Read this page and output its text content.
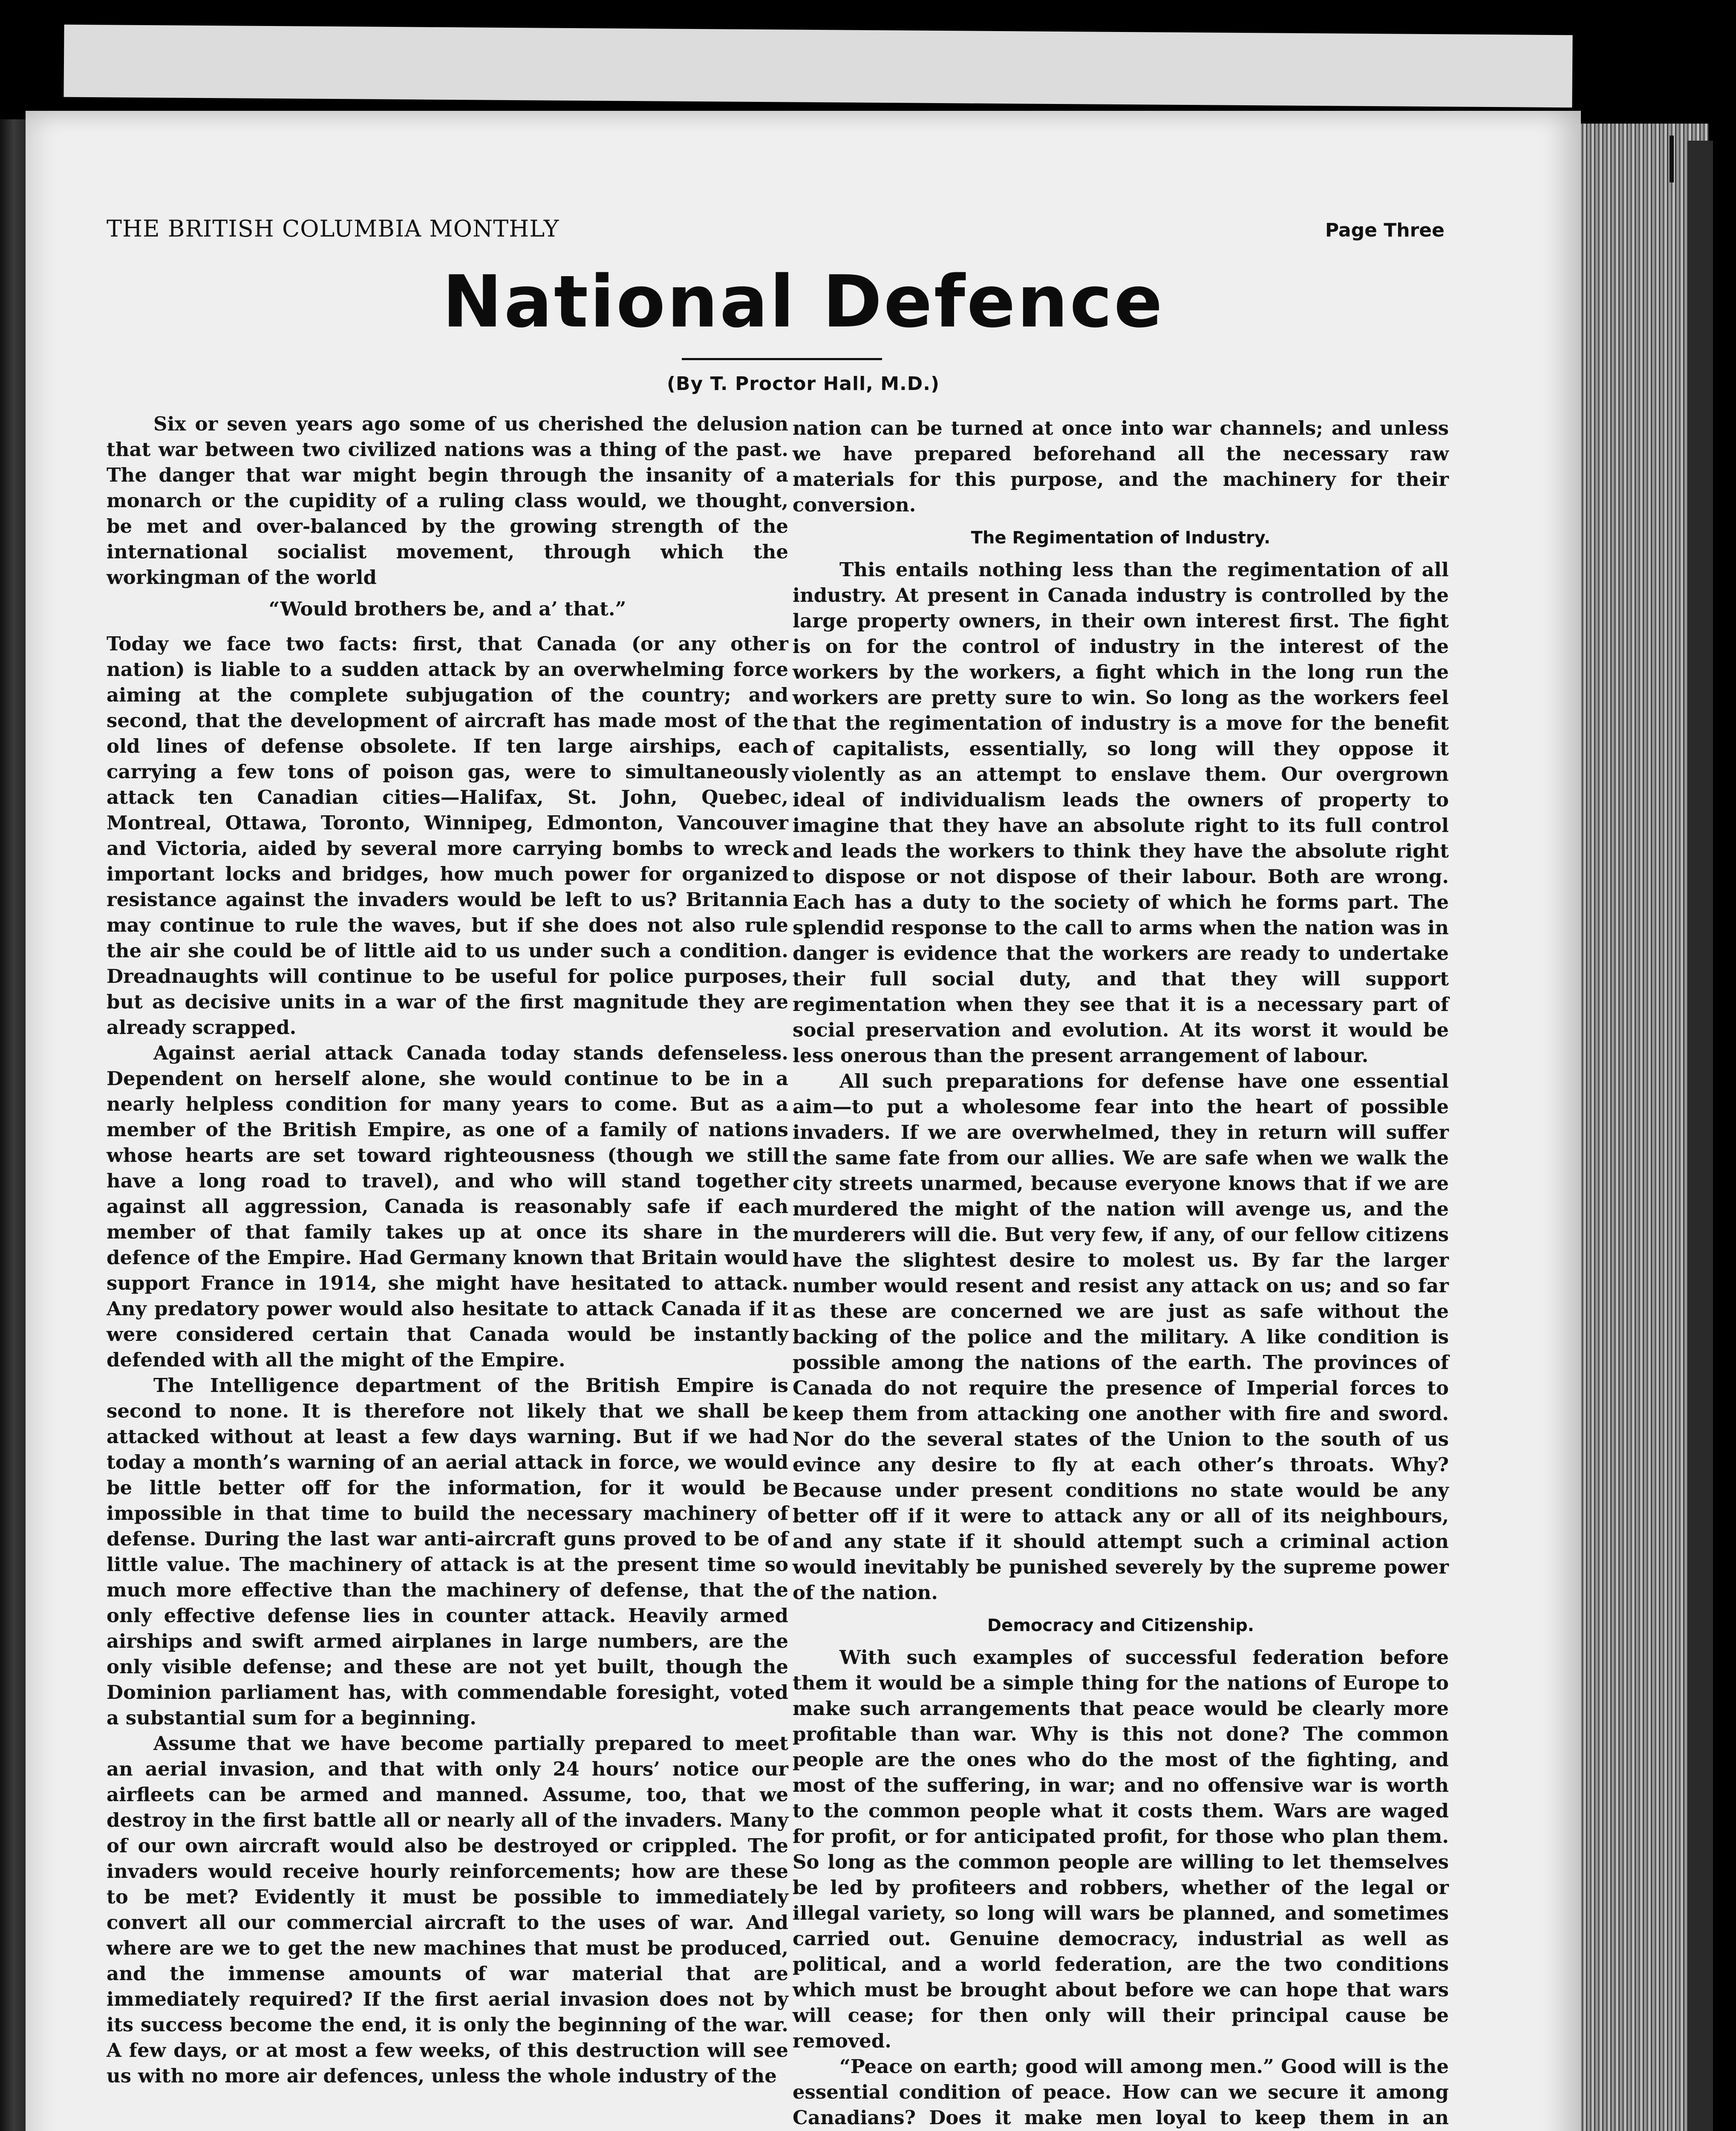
THE BRITISH COLUMBIA MONTHLY	Page Three
National Defence
(By T. Proctor Hall, M.D.)

Six or seven years ago some of us cherished the delusion that war between two civilized nations was a thing of the past. The danger that war might begin through the insanity of a monarch or the cupidity of a ruling class would, we thought, be met and over-balanced by the growing strength of the international socialist movement, through which the workingman of the world

“Would brothers be, and a’ that.”

Today we face two facts: first, that Canada (or any other nation) is liable to a sudden attack by an overwhelming force aiming at the complete subjugation of the country; and second, that the development of aircraft has made most of the old lines of defense obsolete. If ten large airships, each carrying a few tons of poison gas, were to simultaneously attack ten Canadian cities—Halifax, St. John, Quebec, Montreal, Ottawa, Toronto, Winnipeg, Edmonton, Vancouver and Victoria, aided by several more carrying bombs to wreck important locks and bridges, how much power for organized resistance against the invaders would be left to us? Britannia may continue to rule the waves, but if she does not also rule the air she could be of little aid to us under such a condition. Dreadnaughts will continue to be useful for police purposes, but as decisive units in a war of the first magnitude they are already scrapped.

Against aerial attack Canada today stands defenseless. Dependent on herself alone, she would continue to be in a nearly helpless condition for many years to come. But as a member of the British Empire, as one of a family of nations whose hearts are set toward righteousness (though we still have a long road to travel), and who will stand together against all aggression, Canada is reasonably safe if each member of that family takes up at once its share in the defence of the Empire. Had Germany known that Britain would support France in 1914, she might have hesitated to attack. Any predatory power would also hesitate to attack Canada if it were considered certain that Canada would be instantly defended with all the might of the Empire.

The Intelligence department of the British Empire is second to none. It is therefore not likely that we shall be attacked without at least a few days warning. But if we had today a month’s warning of an aerial attack in force, we would be little better off for the information, for it would be impossible in that time to build the necessary machinery of defense. During the last war anti-aircraft guns proved to be of little value. The machinery of attack is at the present time so much more effective than the machinery of defense, that the only effective defense lies in counter attack. Heavily armed airships and swift armed airplanes in large numbers, are the only visible defense; and these are not yet built, though the Dominion parliament has, with commendable foresight, voted a substantial sum for a beginning.

Assume that we have become partially prepared to meet an aerial invasion, and that with only 24 hours’ notice our airfleets can be armed and manned. Assume, too, that we destroy in the first battle all or nearly all of the invaders. Many of our own aircraft would also be destroyed or crippled. The invaders would receive hourly reinforcements; how are these to be met? Evidently it must be possible to immediately convert all our commercial aircraft to the uses of war. And where are we to get the new machines that must be produced, and the immense amounts of war material that are immediately required? If the first aerial invasion does not by its success become the end, it is only the beginning of the war. A few days, or at most a few weeks, of this destruction will see us with no more air defences, unless the whole industry of the

nation can be turned at once into war channels; and unless we have prepared beforehand all the necessary raw materials for this purpose, and the machinery for their conversion.

The Regimentation of Industry.

This entails nothing less than the regimentation of all industry. At present in Canada industry is controlled by the large property owners, in their own interest first. The fight is on for the control of industry in the interest of the workers by the workers, a fight which in the long run the workers are pretty sure to win. So long as the workers feel that the regimentation of industry is a move for the benefit of capitalists, essentially, so long will they oppose it violently as an attempt to enslave them. Our overgrown ideal of individualism leads the owners of property to imagine that they have an absolute right to its full control and leads the workers to think they have the absolute right to dispose or not dispose of their labour. Both are wrong. Each has a duty to the society of which he forms part. The splendid response to the call to arms when the nation was in danger is evidence that the workers are ready to undertake their full social duty, and that they will support regimentation when they see that it is a necessary part of social preservation and evolution. At its worst it would be less onerous than the present arrangement of labour.

All such preparations for defense have one essential aim—to put a wholesome fear into the heart of possible invaders. If we are overwhelmed, they in return will suffer the same fate from our allies. We are safe when we walk the city streets unarmed, because everyone knows that if we are murdered the might of the nation will avenge us, and the murderers will die. But very few, if any, of our fellow citizens have the slightest desire to molest us. By far the larger number would resent and resist any attack on us; and so far as these are concerned we are just as safe without the backing of the police and the military. A like condition is possible among the nations of the earth. The provinces of Canada do not require the presence of Imperial forces to keep them from attacking one another with fire and sword. Nor do the several states of the Union to the south of us evince any desire to fly at each other’s throats. Why? Because under present conditions no state would be any better off if it were to attack any or all of its neighbours, and any state if it should attempt such a criminal action would inevitably be punished severely by the supreme power of the nation.

Democracy and Citizenship.

With such examples of successful federation before them it would be a simple thing for the nations of Europe to make such arrangements that peace would be clearly more profitable than war. Why is this not done? The common people are the ones who do the most of the fighting, and most of the suffering, in war; and no offensive war is worth to the common people what it costs them. Wars are waged for profit, or for anticipated profit, for those who plan them. So long as the common people are willing to let themselves be led by profiteers and robbers, whether of the legal or illegal variety, so long will wars be planned, and sometimes carried out. Genuine democracy, industrial as well as political, and a world federation, are the two conditions which must be brought about before we can hope that wars will cease; for then only will their principal cause be removed.

“Peace on earth; good will among men.” Good will is the essential condition of peace. How can we secure it among Canadians? Does it make men loyal to keep them in an
